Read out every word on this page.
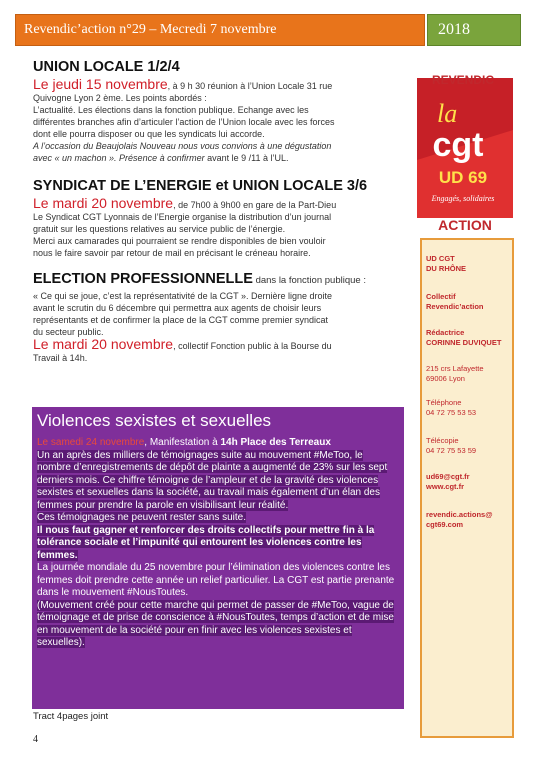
Revendic’action n°29 – Mecredi 7 novembre	2018
UNION LOCALE 1/2/4

Le jeudi 15 novembre, à 9 h 30 réunion à l’Union Locale 31 rue
Quivogne Lyon 2 ème. Les points abordés :
L’actualité. Les élections dans la fonction publique. Echange avec les
différentes branches afin d’articuler l’action de l’Union locale avec les forces
dont elle pourra disposer ou que les syndicats lui accorde.
A l’occasion du Beaujolais Nouveau nous vous convions à une dégustation
avec « un machon ». Présence à confirmer avant le 9 /11 à l’UL.

SYNDICAT DE L’ENERGIE et UNION LOCALE 3/6

Le mardi 20 novembre, de 7h00 à 9h00 en gare de la Part-Dieu
Le Syndicat CGT Lyonnais de l’Energie organise la distribution d’un journal
gratuit sur les questions relatives au service public de l’énergie.
Merci aux camarades qui pourraient se rendre disponibles de bien vouloir
nous le faire savoir par retour de mail en précisant le créneau horaire.

ELECTION PROFESSIONNELLE dans la fonction publique :

« Ce qui se joue, c’est la représentativité de la CGT ». Dernière ligne droite
avant le scrutin du 6 décembre qui permettra aux agents de choisir leurs
représentants et de confirmer la place de la CGT comme premier syndicat
du secteur public.
Le mardi 20 novembre, collectif Fonction public à la Bourse du
Travail à 14h.

REVENDIC
la
cgt
UD 69
Engagés, solidaires
ACTION
UD CGT
DU RHÔNE
Collectif
Revendic’action
Rédactrice
CORINNE DUVIQUET
215 crs Lafayette
69006 Lyon
Téléphone
04 72 75 53 53
Télécopie
04 72 75 53 59
ud69@cgt.fr
www.cgt.fr
revendic.actions@
cgt69.com
Violences sexistes et sexuelles
Le samedi 24 novembre, Manifestation à 14h Place des Terreaux
Un an après des milliers de témoignages suite au mouvement #MeToo, le nombre d’enregistrements de dépôt de plainte a augmenté de 23% sur les sept derniers mois. Ce chiffre témoigne de l’ampleur et de la gravité des violences sexistes et sexuelles dans la société, au travail mais également d’un élan des femmes pour prendre la parole en visibilisant leur réalité.
Ces témoignages ne peuvent rester sans suite.
Il nous faut gagner et renforcer des droits collectifs pour mettre fin à la tolérance sociale et l’impunité qui entourent les violences contre les femmes.
La journée mondiale du 25 novembre pour l’élimination des violences contre les femmes doit prendre cette année un relief particulier. La CGT est partie prenante dans le mouvement #NousToutes.
(Mouvement créé pour cette marche qui permet de passer de #MeToo, vague de témoignage et de prise de conscience à #NousToutes, temps d’action et de mise en mouvement de la société pour en finir avec les violences sexistes et sexuelles).
Tract 4pages joint
4
